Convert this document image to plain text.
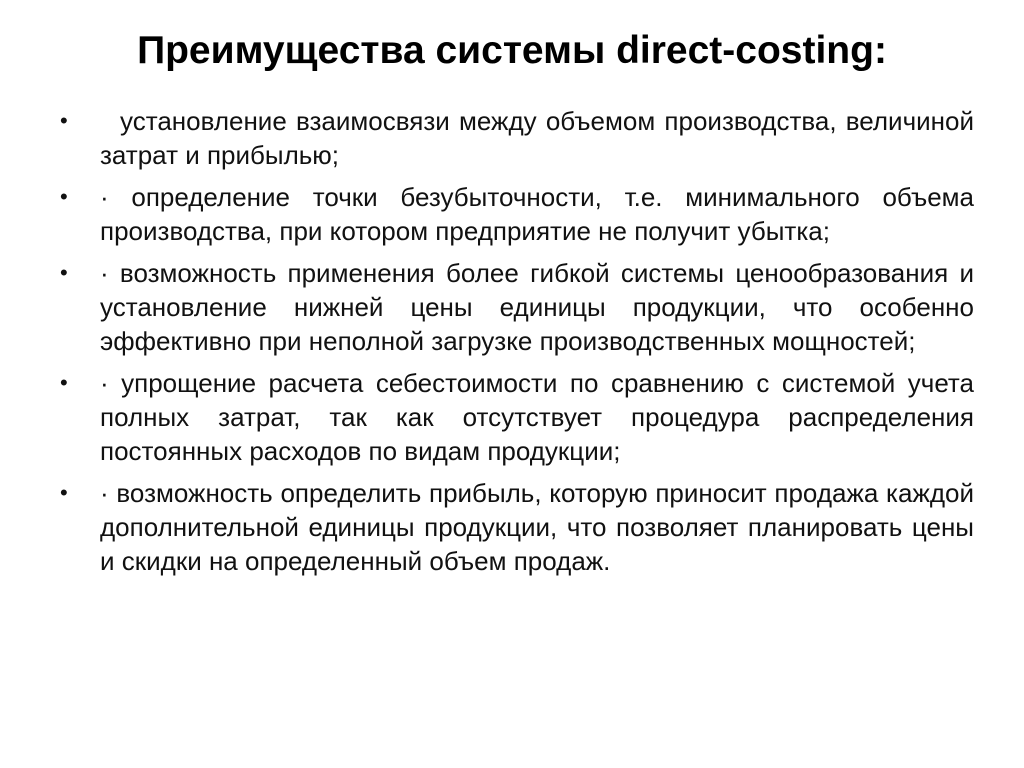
Преимущества системы direct-costing:
•	установление взаимосвязи между объемом производства, величиной затрат и прибылью;
• · определение точки безубыточности, т.е. минимального объема производства, при котором предприятие не получит убытка;
• · возможность применения более гибкой системы ценообразования и установление нижней цены единицы продукции, что особенно эффективно при неполной загрузке производственных мощностей;
• · упрощение расчета себестоимости по сравнению с системой учета полных затрат, так как отсутствует процедура распределения постоянных расходов по видам продукции;
• · возможность определить прибыль, которую приносит продажа каждой дополнительной единицы продукции, что позволяет планировать цены и скидки на определенный объем продаж.
